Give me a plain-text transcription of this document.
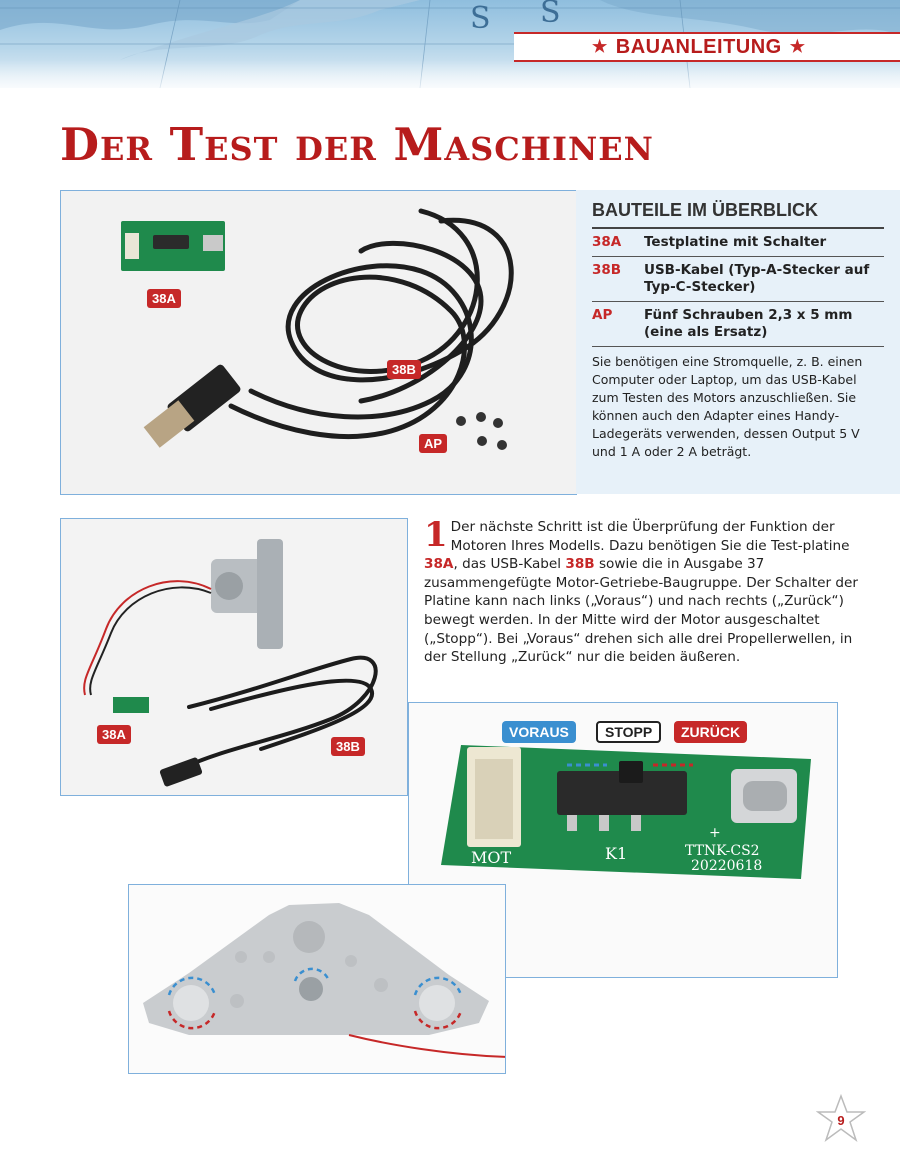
S S
★ BAUANLEITUNG ★
Der Test der Maschinen
38A
38B
AP
BAUTEILE IM ÜBERBLICK
38A	Testplatine mit Schalter
38B	USB-Kabel (Typ-A-Stecker auf Typ-C-Stecker)
AP	Fünf Schrauben 2,3 x 5 mm (eine als Ersatz)

Sie benötigen eine Stromquelle, z. B. einen Computer oder Laptop, um das USB-Kabel zum Testen des Motors anzuschließen. Sie können auch den Adapter eines Handy-Ladegeräts verwenden, dessen Output 5 V und 1 A oder 2 A beträgt.

38A
38B

1 Der nächste Schritt ist die Überprüfung der Funktion der Motoren Ihres Modells. Dazu benötigen Sie die Test-platine 38A, das USB-Kabel 38B sowie die in Ausgabe 37 zusammengefügte Motor-Getriebe-Baugruppe. Der Schalter der Platine kann nach links („Voraus“) und nach rechts („Zurück“) bewegt werden. In der Mitte wird der Motor ausgeschaltet („Stopp“). Bei „Voraus“ drehen sich alle drei Propellerwellen, in der Stellung „Zurück“ nur die beiden äußeren.

MOT	K1
+
TTNK-CS2
20220618
VORAUS	STOPP	ZURÜCK
9
